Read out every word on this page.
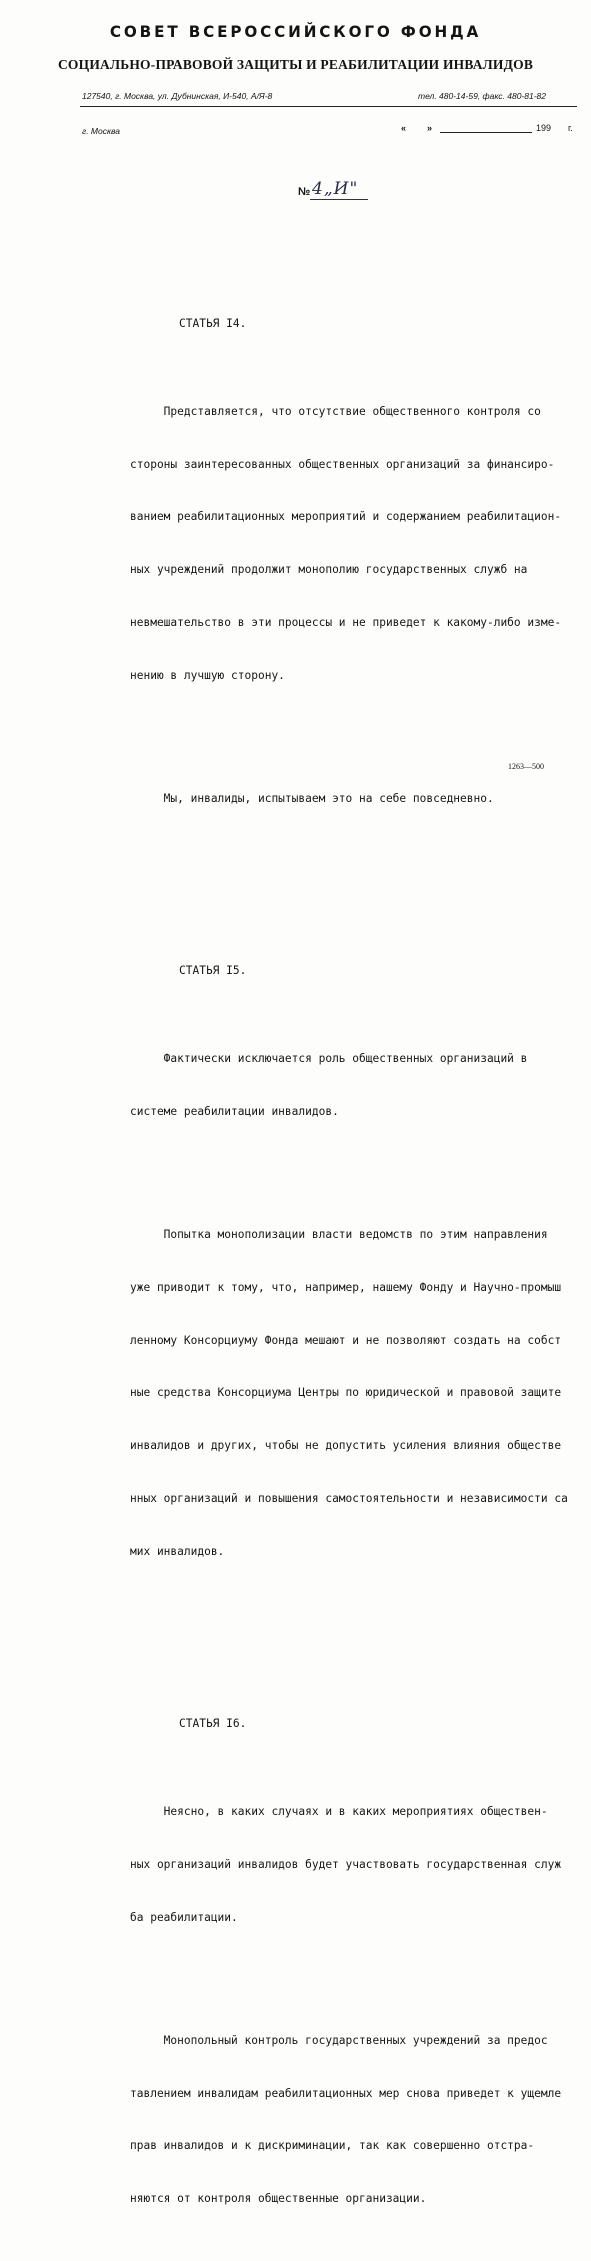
СОВЕТ ВСЕРОССИЙСКОГО ФОНДА
СОЦИАЛЬНО-ПРАВОВОЙ ЗАЩИТЫ И РЕАБИЛИТАЦИИ ИНВАЛИДОВ
127540, г. Москва, ул. Дубнинская, И-540, А/Я-8	тел. 480-14-59, факс. 480-81-82
г. Москва	« »	199 г.
№ 4„И"

СТАТЬЯ I4.

Представляется, что отсутствие общественного контроля со

стороны заинтересованных общественных организаций за финансиро-

ванием реабилитационных мероприятий и содержанием реабилитацион-

ных учреждений продолжит монополию государственных служб на

невмешательство в эти процессы и не приведет к какому-либо изме-

нению в лучшую сторону.

Мы, инвалиды, испытываем это на себе повседневно.

СТАТЬЯ I5.

Фактически исключается роль общественных организаций в

системе реабилитации инвалидов.

Попытка монополизации власти ведомств по этим направления

уже приводит к тому, что, например, нашему Фонду и Научно-промыш

ленному Консорциуму Фонда мешают и не позволяют создать на собст

ные средства Консорциума Центры по юридической и правовой защите

инвалидов и других, чтобы не допустить усиления влияния обществе

нных организаций и повышения самостоятельности и независимости са

мих инвалидов.

СТАТЬЯ I6.

Неясно, в каких случаях и в каких мероприятиях обществен‑

ных организаций инвалидов будет участвовать государственная служ

ба реабилитации.

Монопольный контроль государственных учреждений за предос

тавлением инвалидам реабилитационных мер снова приведет к ущемле

прав инвалидов и к дискриминации, так как совершенно отстра-

няются от контроля общественные организации.

1263—500
